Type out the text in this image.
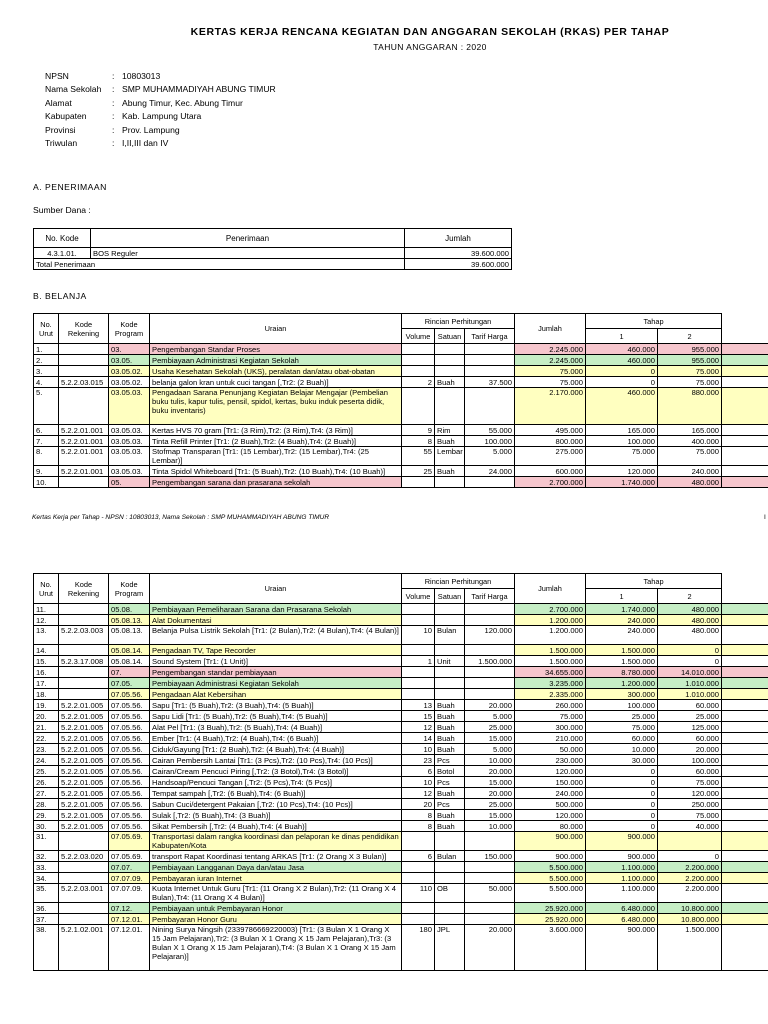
KERTAS KERJA RENCANA KEGIATAN DAN ANGGARAN SEKOLAH (RKAS) PER TAHAP
TAHUN ANGGARAN : 2020
NPSN	: 10803013
Nama Sekolah	: SMP MUHAMMADIYAH ABUNG TIMUR
Alamat	: Abung Timur, Kec. Abung Timur
Kabupaten	: Kab. Lampung Utara
Provinsi	: Prov. Lampung
Triwulan	: I,II,III dan IV
A. PENERIMAAN
Sumber Dana :
No. Kode	Penerimaan	Jumlah
4.3.1.01.	BOS Reguler	39.600.000
Total Penerimaan		39.600.000
B. BELANJA
No. Urut	Kode Rekening	Kode Program	Uraian	Rincian Perhitungan			Jumlah	Tahap		
				Volume	Satuan	Tarif Harga		1	2	
1.		03.	Pengembangan Standar Proses				2.245.000	460.000	955.000	
2.		03.05.	Pembiayaan Administrasi Kegiatan Sekolah				2.245.000	460.000	955.000	
3.		03.05.02.	Usaha Kesehatan Sekolah (UKS), peralatan dan/atau obat-obatan				75.000	0	75.000	
4.	5.2.2.03.015	03.05.02.	belanja galon kran untuk cuci tangan [,Tr2: (2 Buah)]	2	Buah	37.500	75.000	0	75.000	
5.		03.05.03.	Pengadaan Sarana Penunjang Kegiatan Belajar Mengajar (Pembelian buku tulis, kapur tulis, pensil, spidol, kertas, buku induk peserta didik, buku inventaris)				2.170.000	460.000	880.000	
6.	5.2.2.01.001	03.05.03.	Kertas HVS 70 gram [Tr1: (3 Rim),Tr2: (3 Rim),Tr4: (3 Rim)]	9	Rim	55.000	495.000	165.000	165.000	
7.	5.2.2.01.001	03.05.03.	Tinta Refill Printer [Tr1: (2 Buah),Tr2: (4 Buah),Tr4: (2 Buah)]	8	Buah	100.000	800.000	100.000	400.000	
8.	5.2.2.01.001	03.05.03.	Stofmap Transparan [Tr1: (15 Lembar),Tr2: (15 Lembar),Tr4: (25 Lembar)]	55	Lembar	5.000	275.000	75.000	75.000	
9.	5.2.2.01.001	03.05.03.	Tinta Spidol Whiteboard [Tr1: (5 Buah),Tr2: (10 Buah),Tr4: (10 Buah)]	25	Buah	24.000	600.000	120.000	240.000	
10.		05.	Pengembangan sarana dan prasarana sekolah				2.700.000	1.740.000	480.000	
Kertas Kerja per Tahap - NPSN : 10803013, Nama Sekolah : SMP MUHAMMADIYAH ABUNG TIMUR	I
No. Urut	Kode Rekening	Kode Program	Uraian	Rincian Perhitungan			Jumlah	Tahap		
				Volume	Satuan	Tarif Harga		1	2	
11.		05.08.	Pembiayaan Pemeliharaan Sarana dan Prasarana Sekolah				2.700.000	1.740.000	480.000	
12.		05.08.13.	Alat Dokumentasi				1.200.000	240.000	480.000	
13.	5.2.2.03.003	05.08.13.	Belanja Pulsa Listrik Sekolah [Tr1: (2 Bulan),Tr2: (4 Bulan),Tr4: (4 Bulan)]	10	Bulan	120.000	1.200.000	240.000	480.000	
14.		05.08.14.	Pengadaan TV, Tape Recorder				1.500.000	1.500.000	0	
15.	5.2.3.17.008	05.08.14.	Sound System [Tr1: (1 Unit)]	1	Unit	1.500.000	1.500.000	1.500.000	0	
16.		07.	Pengembangan standar pembiayaan				34.655.000	8.780.000	14.010.000	
17.		07.05.	Pembiayaan Administrasi Kegiatan Sekolah				3.235.000	1.200.000	1.010.000	
18.		07.05.56.	Pengadaan Alat Kebersihan				2.335.000	300.000	1.010.000	
19.	5.2.2.01.005	07.05.56.	Sapu [Tr1: (5 Buah),Tr2: (3 Buah),Tr4: (5 Buah)]	13	Buah	20.000	260.000	100.000	60.000	
20.	5.2.2.01.005	07.05.56.	Sapu Lidi [Tr1: (5 Buah),Tr2: (5 Buah),Tr4: (5 Buah)]	15	Buah	5.000	75.000	25.000	25.000	
21.	5.2.2.01.005	07.05.56.	Alat Pel [Tr1: (3 Buah),Tr2: (5 Buah),Tr4: (4 Buah)]	12	Buah	25.000	300.000	75.000	125.000	
22.	5.2.2.01.005	07.05.56.	Ember [Tr1: (4 Buah),Tr2: (4 Buah),Tr4: (6 Buah)]	14	Buah	15.000	210.000	60.000	60.000	
23.	5.2.2.01.005	07.05.56.	Ciduk/Gayung [Tr1: (2 Buah),Tr2: (4 Buah),Tr4: (4 Buah)]	10	Buah	5.000	50.000	10.000	20.000	
24.	5.2.2.01.005	07.05.56.	Cairan Pembersih Lantai [Tr1: (3 Pcs),Tr2: (10 Pcs),Tr4: (10 Pcs)]	23	Pcs	10.000	230.000	30.000	100.000	
25.	5.2.2.01.005	07.05.56.	Cairan/Cream Pencuci Piring [,Tr2: (3 Botol),Tr4: (3 Botol)]	6	Botol	20.000	120.000	0	60.000	
26.	5.2.2.01.005	07.05.56.	Handsoap/Pencuci Tangan [,Tr2: (5 Pcs),Tr4: (5 Pcs)]	10	Pcs	15.000	150.000	0	75.000	
27.	5.2.2.01.005	07.05.56.	Tempat sampah [,Tr2: (6 Buah),Tr4: (6 Buah)]	12	Buah	20.000	240.000	0	120.000	
28.	5.2.2.01.005	07.05.56.	Sabun Cuci/detergent Pakaian [,Tr2: (10 Pcs),Tr4: (10 Pcs)]	20	Pcs	25.000	500.000	0	250.000	
29.	5.2.2.01.005	07.05.56.	Sulak [,Tr2: (5 Buah),Tr4: (3 Buah)]	8	Buah	15.000	120.000	0	75.000	
30.	5.2.2.01.005	07.05.56.	Sikat Pembersih [,Tr2: (4 Buah),Tr4: (4 Buah)]	8	Buah	10.000	80.000	0	40.000	
31.		07.05.69.	Transportasi dalam rangka koordinasi dan pelaporan ke dinas pendidikan Kabupaten/Kota				900.000	900.000		
32.	5.2.2.03.020	07.05.69.	transport Rapat Koordinasi tentang ARKAS [Tr1: (2 Orang X 3 Bulan)]	6	Bulan	150.000	900.000	900.000	0	
33.		07.07.	Pembiayaan Langganan Daya dan/atau Jasa				5.500.000	1.100.000	2.200.000	
34.		07.07.09.	Pembayaran iuran Internet				5.500.000	1.100.000	2.200.000	
35.	5.2.2.03.001	07.07.09.	Kuota Internet Untuk Guru [Tr1: (11 Orang X 2 Bulan),Tr2: (11 Orang X 4 Bulan),Tr4: (11 Orang X 4 Bulan)]	110	OB	50.000	5.500.000	1.100.000	2.200.000	
36.		07.12.	Pembiayaan untuk Pembayaran Honor				25.920.000	6.480.000	10.800.000	
37.		07.12.01.	Pembayaran Honor Guru				25.920.000	6.480.000	10.800.000	
38.	5.2.1.02.001	07.12.01.	Nining Surya Ningsih (2339786669220003) [Tr1: (3 Bulan X 1 Orang X 15 Jam Pelajaran),Tr2: (3 Bulan X 1 Orang X 15 Jam Pelajaran),Tr3: (3 Bulan X 1 Orang X 15 Jam Pelajaran),Tr4: (3 Bulan X 1 Orang X 15 Jam Pelajaran)]	180	JPL	20.000	3.600.000	900.000	1.500.000	
